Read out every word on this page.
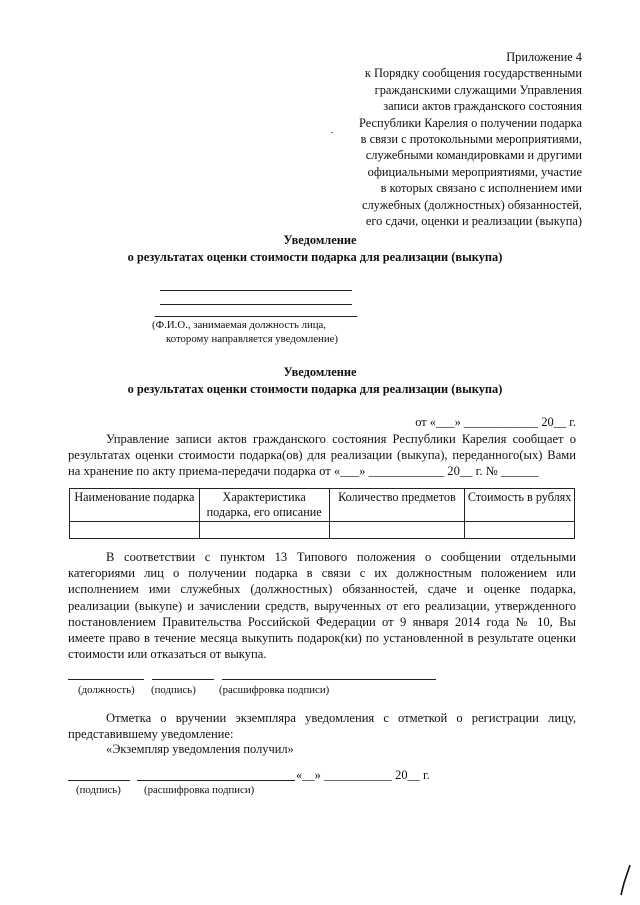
Приложение 4
к Порядку сообщения государственными
гражданскими служащими Управления
записи актов гражданского состояния
Республики Карелия о получении подарка
в связи с протокольными мероприятиями,
служебными командировками и другими
официальными мероприятиями, участие
в которых связано с исполнением ими
служебных (должностных) обязанностей,
его сдачи, оценки и реализации (выкупа)
Уведомление
о результатах оценки стоимости подарка для реализации (выкупа)
(Ф.И.О., занимаемая должность лица,
которому направляется уведомление)
Уведомление
о результатах оценки стоимости подарка для реализации (выкупа)
от «___» ____________ 20__ г.
Управление записи актов гражданского состояния Республики Карелия сообщает о результатах оценки стоимости подарка(ов) для реализации (выкупа), переданного(ых) Вами на хранение по акту приема-передачи подарка от «___» ____________ 20__ г. № ______
Наименование подарка	Характеристика подарка, его описание	Количество предметов	Стоимость в рублях

В соответствии с пунктом 13 Типового положения о сообщении отдельными категориями лиц о получении подарка в связи с их должностным положением или исполнением ими служебных (должностных) обязанностей, сдаче и оценке подарка, реализации (выкупе) и зачислении средств, вырученных от его реализации, утвержденного постановлением Правительства Российской Федерации от 9 января 2014 года № 10, Вы имеете право в течение месяца выкупить подарок(ки) по установленной в результате оценки стоимости или отказаться от выкупа.
(должность) (подпись) (расшифровка подписи)
Отметка о вручении экземпляра уведомления с отметкой о регистрации лицу, представившему уведомление:
«Экземпляр уведомления получил»
«__» ___________ 20__ г.
(подпись) (расшифровка подписи)
